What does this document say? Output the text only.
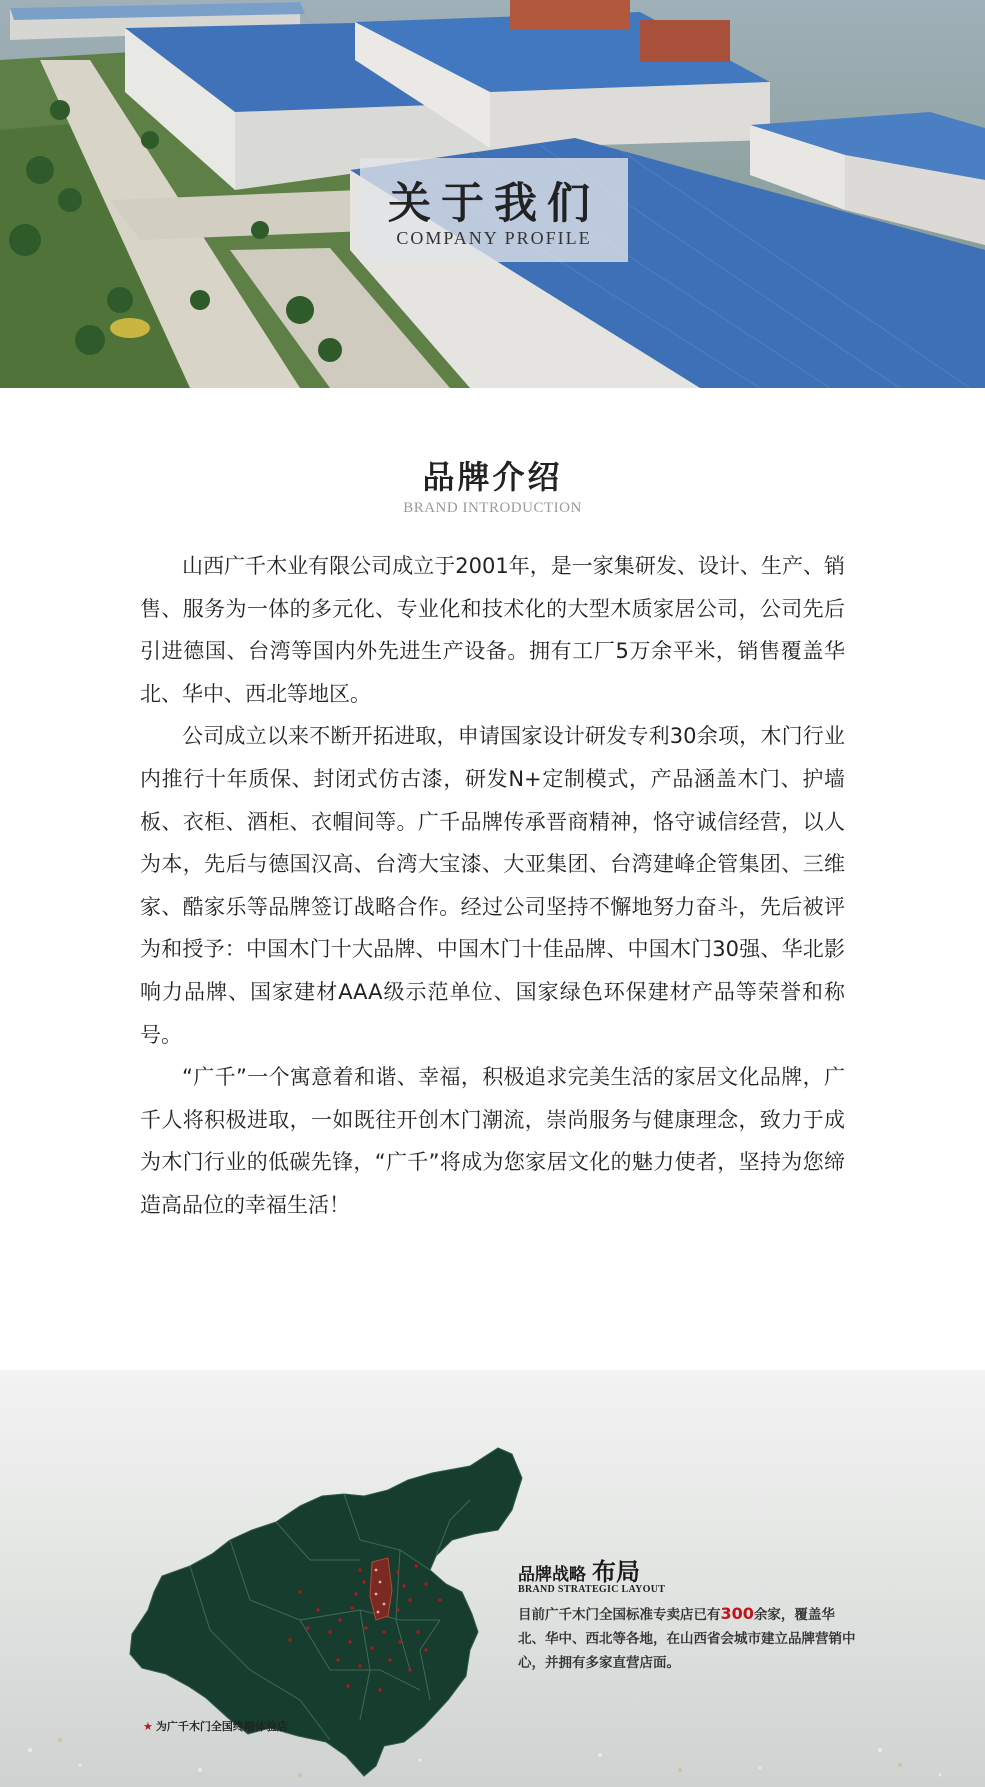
关于我们
COMPANY PROFILE
品牌介绍
BRAND INTRODUCTION

山西广千木业有限公司成立于2001年，是一家集研发、设计、生产、销售、服务为一体的多元化、专业化和技术化的大型木质家居公司，公司先后引进德国、台湾等国内外先进生产设备。拥有工厂5万余平米，销售覆盖华北、华中、西北等地区。

公司成立以来不断开拓进取，申请国家设计研发专利30余项，木门行业内推行十年质保、封闭式仿古漆，研发N+定制模式，产品涵盖木门、护墙板、衣柜、酒柜、衣帽间等。广千品牌传承晋商精神，恪守诚信经营，以人为本，先后与德国汉高、台湾大宝漆、大亚集团、台湾建峰企管集团、三维家、酷家乐等品牌签订战略合作。经过公司坚持不懈地努力奋斗，先后被评为和授予：中国木门十大品牌、中国木门十佳品牌、中国木门30强、华北影响力品牌、国家建材AAA级示范单位、国家绿色环保建材产品等荣誉和称号。

“广千”一个寓意着和谐、幸福，积极追求完美生活的家居文化品牌，广千人将积极进取，一如既往开创木门潮流，崇尚服务与健康理念，致力于成为木门行业的低碳先锋，“广千”将成为您家居文化的魅力使者，坚持为您缔造高品位的幸福生活！

★ 为广千木门全国终端体验店
品牌战略 布局
BRAND STRATEGIC LAYOUT
目前广千木门全国标准专卖店已有300余家，覆盖华北、华中、西北等各地，在山西省会城市建立品牌营销中心，并拥有多家直营店面。
